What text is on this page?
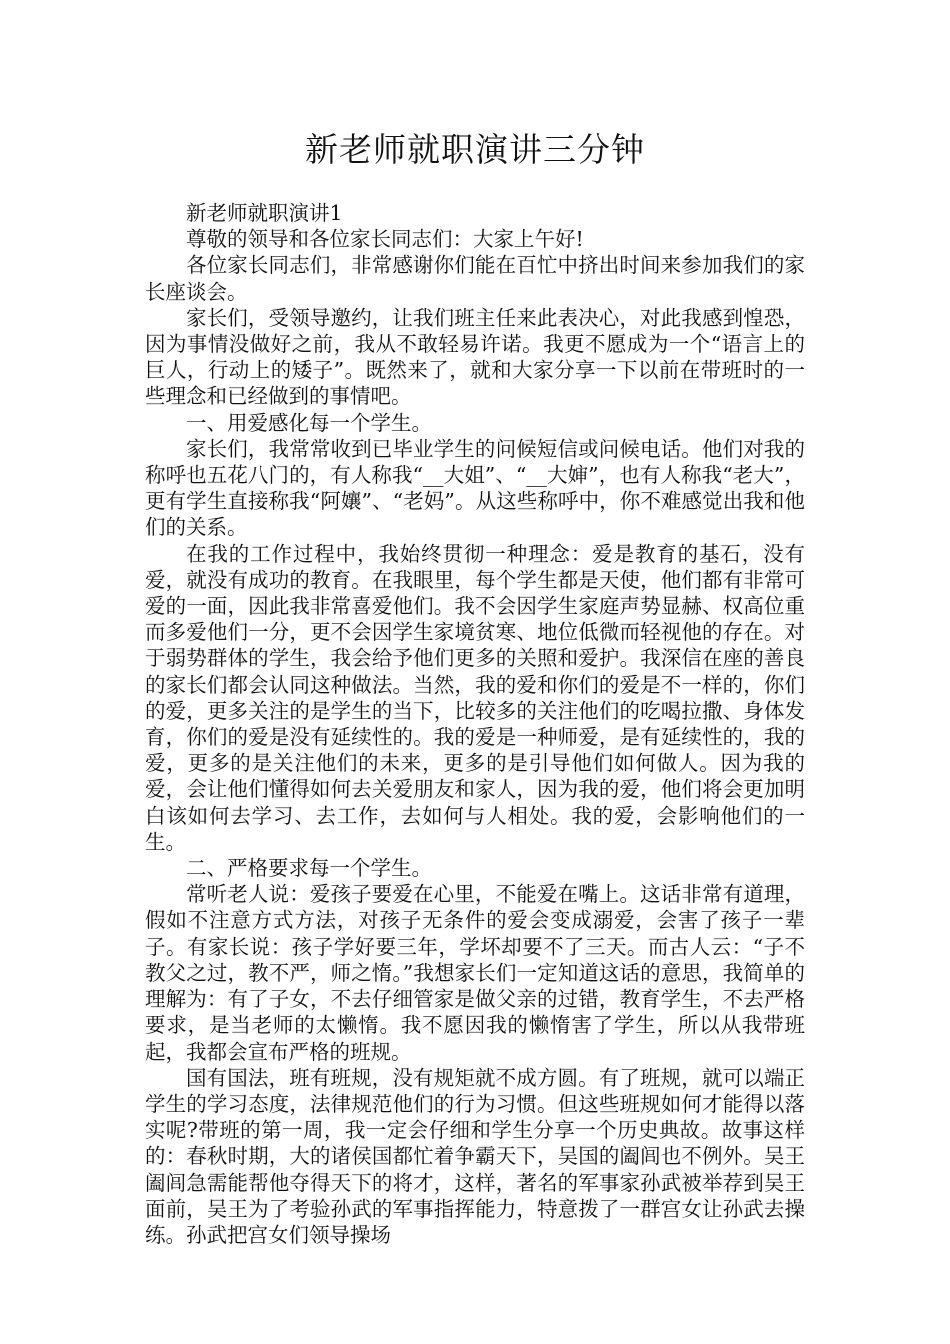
新老师就职演讲三分钟

新老师就职演讲1

尊敬的领导和各位家长同志们：大家上午好!

各位家长同志们，非常感谢你们能在百忙中挤出时间来参加我们的家长座谈会。

家长们，受领导邀约，让我们班主任来此表决心，对此我感到惶恐，因为事情没做好之前，我从不敢轻易许诺。我更不愿成为一个“语言上的巨人，行动上的矮子”。既然来了，就和大家分享一下以前在带班时的一些理念和已经做到的事情吧。

一、用爱感化每一个学生。

家长们，我常常收到已毕业学生的问候短信或问候电话。他们对我的称呼也五花八门的，有人称我“__大姐”、“__大婶”，也有人称我“老大”，更有学生直接称我“阿孃”、“老妈”。从这些称呼中，你不难感觉出我和他们的关系。

在我的工作过程中，我始终贯彻一种理念：爱是教育的基石，没有爱，就没有成功的教育。在我眼里，每个学生都是天使，他们都有非常可爱的一面，因此我非常喜爱他们。我不会因学生家庭声势显赫、权高位重而多爱他们一分，更不会因学生家境贫寒、地位低微而轻视他的存在。对于弱势群体的学生，我会给予他们更多的关照和爱护。我深信在座的善良的家长们都会认同这种做法。当然，我的爱和你们的爱是不一样的，你们的爱，更多关注的是学生的当下，比较多的关注他们的吃喝拉撒、身体发育，你们的爱是没有延续性的。我的爱是一种师爱，是有延续性的，我的爱，更多的是关注他们的未来，更多的是引导他们如何做人。因为我的爱，会让他们懂得如何去关爱朋友和家人，因为我的爱，他们将会更加明白该如何去学习、去工作，去如何与人相处。我的爱，会影响他们的一生。

二、严格要求每一个学生。

常听老人说：爱孩子要爱在心里，不能爱在嘴上。这话非常有道理，假如不注意方式方法，对孩子无条件的爱会变成溺爱，会害了孩子一辈子。有家长说：孩子学好要三年，学坏却要不了三天。而古人云：“子不教父之过，教不严，师之惰。”我想家长们一定知道这话的意思，我简单的理解为：有了子女，不去仔细管家是做父亲的过错，教育学生，不去严格要求，是当老师的太懒惰。我不愿因我的懒惰害了学生，所以从我带班起，我都会宣布严格的班规。

国有国法，班有班规，没有规矩就不成方圆。有了班规，就可以端正学生的学习态度，法律规范他们的行为习惯。但这些班规如何才能得以落实呢?带班的第一周，我一定会仔细和学生分享一个历史典故。故事这样的：春秋时期，大的诸侯国都忙着争霸天下，吴国的阖闾也不例外。吴王阖闾急需能帮他夺得天下的将才，这样，著名的军事家孙武被举荐到吴王面前，吴王为了考验孙武的军事指挥能力，特意拨了一群宫女让孙武去操练。孙武把宫女们领导操场
